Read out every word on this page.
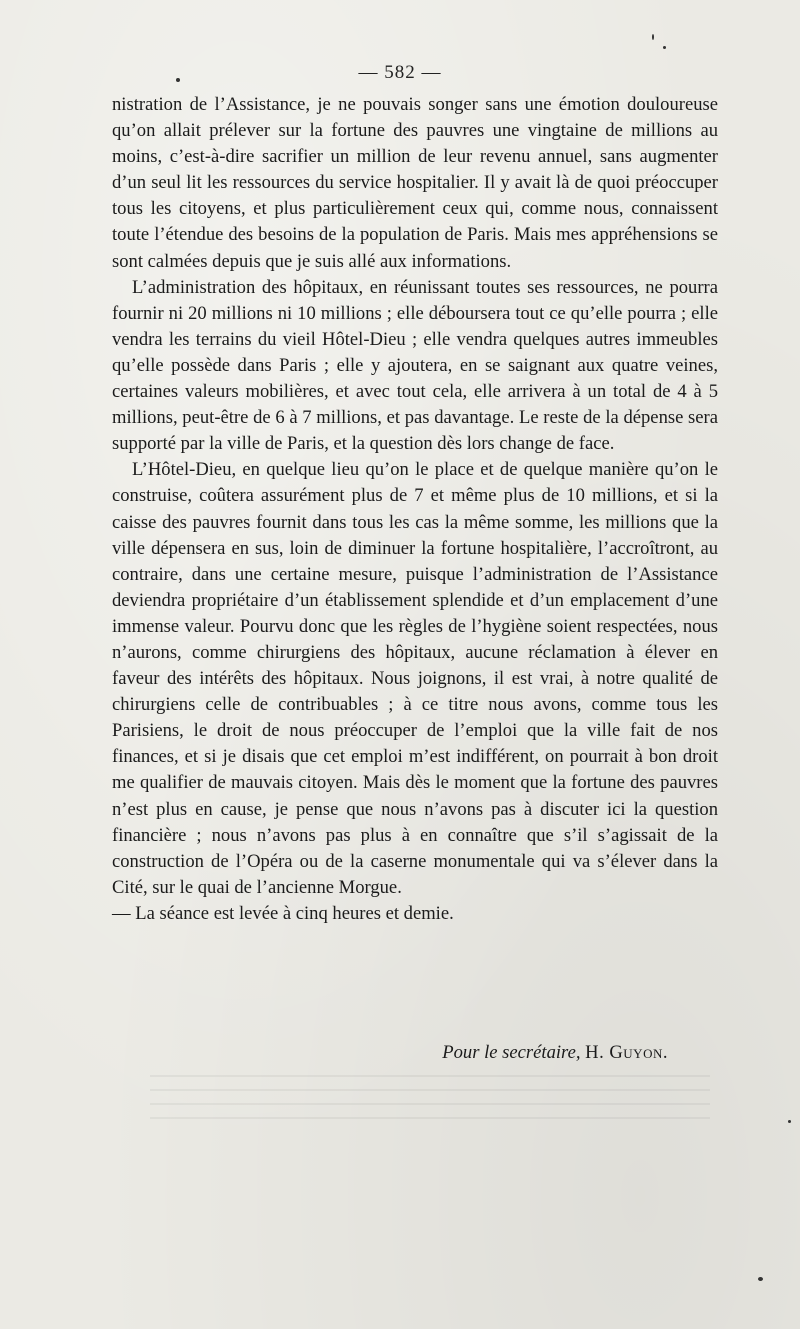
— 582 —

nistration de l’Assistance, je ne pouvais songer sans une émotion douloureuse qu’on allait prélever sur la fortune des pauvres une vingtaine de millions au moins, c’est-à-dire sacrifier un million de leur revenu annuel, sans augmenter d’un seul lit les ressources du service hospitalier. Il y avait là de quoi préoccuper tous les citoyens, et plus particulièrement ceux qui, comme nous, connaissent toute l’étendue des besoins de la population de Paris. Mais mes appréhensions se sont calmées depuis que je suis allé aux informations.

L’administration des hôpitaux, en réunissant toutes ses ressources, ne pourra fournir ni 20 millions ni 10 millions ; elle déboursera tout ce qu’elle pourra ; elle vendra les terrains du vieil Hôtel-Dieu ; elle vendra quelques autres immeubles qu’elle possède dans Paris ; elle y ajoutera, en se saignant aux quatre veines, certaines valeurs mobilières, et avec tout cela, elle arrivera à un total de 4 à 5 millions, peut-être de 6 à 7 millions, et pas davantage. Le reste de la dépense sera supporté par la ville de Paris, et la question dès lors change de face.

L’Hôtel-Dieu, en quelque lieu qu’on le place et de quelque manière qu’on le construise, coûtera assurément plus de 7 et même plus de 10 millions, et si la caisse des pauvres fournit dans tous les cas la même somme, les millions que la ville dépensera en sus, loin de diminuer la fortune hospitalière, l’accroîtront, au contraire, dans une certaine mesure, puisque l’administration de l’Assistance deviendra propriétaire d’un établissement splendide et d’un emplacement d’une immense valeur. Pourvu donc que les règles de l’hygiène soient respectées, nous n’aurons, comme chirurgiens des hôpitaux, aucune réclamation à élever en faveur des intérêts des hôpitaux. Nous joignons, il est vrai, à notre qualité de chirurgiens celle de contribuables ; à ce titre nous avons, comme tous les Parisiens, le droit de nous préoccuper de l’emploi que la ville fait de nos finances, et si je disais que cet emploi m’est indifférent, on pourrait à bon droit me qualifier de mauvais citoyen. Mais dès le moment que la fortune des pauvres n’est plus en cause, je pense que nous n’avons pas à discuter ici la question financière ; nous n’avons pas plus à en connaître que s’il s’agissait de la construction de l’Opéra ou de la caserne monumentale qui va s’élever dans la Cité, sur le quai de l’ancienne Morgue.

— La séance est levée à cinq heures et demie.

Pour le secrétaire, H. Guyon.
